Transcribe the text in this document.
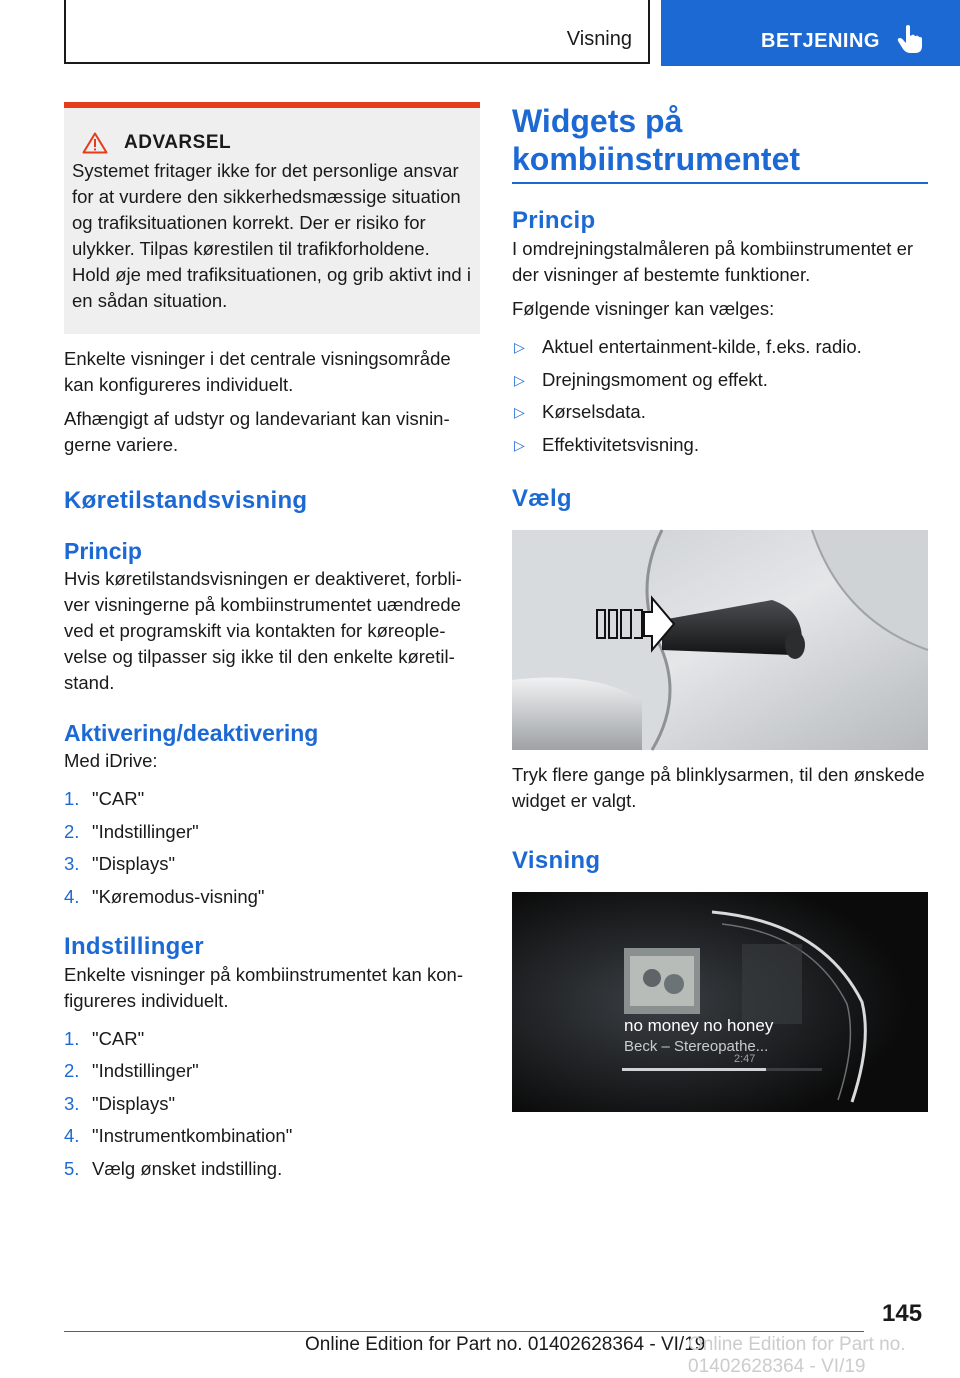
Visning	BETJENING
ADVARSEL

Systemet fritager ikke for det personlige ansvar for at vurdere den sikkerhedsmæssige situation og trafiksituationen korrekt. Der er risiko for ulykker. Tilpas kørestilen til trafikforholdene. Hold øje med trafiksituationen, og grib aktivt ind i en sådan situation.

Enkelte visninger i det centrale visningsområde kan konfigureres individuelt.

Afhængigt af udstyr og landevariant kan visningerne variere.

Køretilstandsvisning
Princip

Hvis køretilstandsvisningen er deaktiveret, forbliver visningerne på kombiinstrumentet uændrede ved et programskift via kontakten for køreoplevelse og tilpasser sig ikke til den enkelte køretilstand.

Aktivering/deaktivering

Med iDrive:

1. "CAR"
2. "Indstillinger"
3. "Displays"
4. "Køremodus-visning"
Indstillinger

Enkelte visninger på kombiinstrumentet kan konfigureres individuelt.

1. "CAR"
2. "Indstillinger"
3. "Displays"
4. "Instrumentkombination"
5. Vælg ønsket indstilling.
Widgets på kombiinstrumentet
Princip

I omdrejningstalmåleren på kombiinstrumentet er der visninger af bestemte funktioner.

Følgende visninger kan vælges:

▷ Aktuel entertainment-kilde, f.eks. radio.
▷ Drejningsmoment og effekt.
▷ Kørselsdata.
▷ Effektivitetsvisning.
Vælg

Tryk flere gange på blinklysarmen, til den ønskede widget er valgt.

Visning
no money no honey
Beck – Stereopathe...
2:47
145
Online Edition for Part no. 01402628364 - VI/19
Online Edition for Part no. 01402628364 - VI/19
